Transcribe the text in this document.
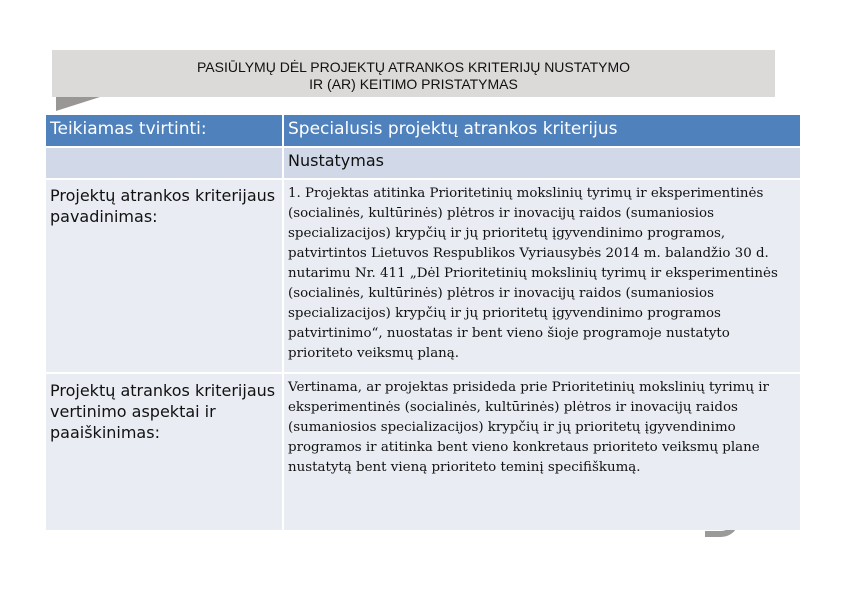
PASIŪLYMŲ DĖL PROJEKTŲ ATRANKOS KRITERIJŲ NUSTATYMO
IR (AR) KEITIMO PRISTATYMAS
Teikiamas tvirtinti:	Specialusis projektų atrankos kriterijus
	Nustatymas
Projektų atrankos kriterijaus pavadinimas:	1. Projektas atitinka Prioritetinių mokslinių tyrimų ir eksperimentinės (socialinės, kultūrinės) plėtros ir inovacijų raidos (sumaniosios specializacijos) krypčių ir jų prioritetų įgyvendinimo programos, patvirtintos Lietuvos Respublikos Vyriausybės 2014 m. balandžio 30 d. nutarimu Nr. 411 „Dėl Prioritetinių mokslinių tyrimų ir eksperimentinės (socialinės, kultūrinės) plėtros ir inovacijų raidos (sumaniosios specializacijos) krypčių ir jų prioritetų įgyvendinimo programos patvirtinimo“, nuostatas ir bent vieno šioje programoje nustatyto prioriteto veiksmų planą.
Projektų atrankos kriterijaus vertinimo aspektai ir paaiškinimas:	Vertinama, ar projektas prisideda prie Prioritetinių mokslinių tyrimų ir eksperimentinės (socialinės, kultūrinės) plėtros ir inovacijų raidos (sumaniosios specializacijos) krypčių ir jų prioritetų įgyvendinimo programos ir atitinka bent vieno konkretaus prioriteto veiksmų plane nustatytą bent vieną prioriteto teminį specifiškumą.
